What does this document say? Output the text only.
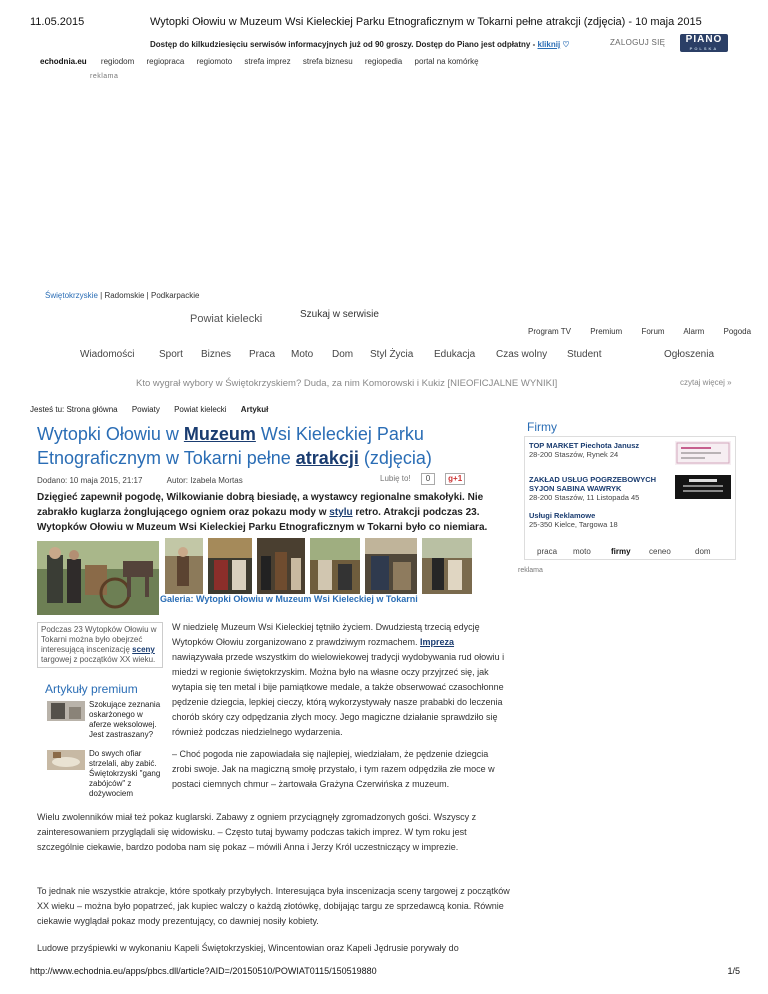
11.05.2015	Wytopki Ołowiu w Muzeum Wsi Kieleckiej Parku Etnograficznym w Tokarni pełne atrakcji (zdjęcia) - 10 maja 2015
Dostęp do kilkudziesięciu serwisów informacyjnych już od 90 groszy. Dostęp do Piano jest odpłatny - kliknij ♡	ZALOGUJ SIĘ	PIANO
POLSKA
echodnia.eu regiodom regiopraca regiomoto strefa imprez strefa biznesu regiopedia portal na komórkę
reklama
Świętokrzyskie | Radomskie | Podkarpackie
Powiat kielecki	Szukaj w serwisie
Program TV Premium Forum Alarm Pogoda
Wiadomości Sport Biznes Praca Moto Dom Styl Życia Edukacja Czas wolny Student	Ogłoszenia
Kto wygrał wybory w Świętokrzyskiem? Duda, za nim Komorowski i Kukiz [NIEOFICJALNE WYNIKI]	czytaj więcej »
Jesteś tu: Strona główna Powiaty Powiat kielecki Artykuł
Wytopki Ołowiu w Muzeum Wsi Kieleckiej Parku Etnograficznym w Tokarni pełne atrakcji (zdjęcia)
Dodano: 10 maja 2015, 21:17	Autor: Izabela Mortas	Lubię to! 0 g+1
Dzięgieć zapewnił pogodę, Wilkowianie dobrą biesiadę, a wystawcy regionalne smakołyki. Nie zabrakło kuglarza żonglującego ogniem oraz pokazu mody w stylu retro. Atrakcji podczas 23. Wytopków Ołowiu w Muzeum Wsi Kieleckiej Parku Etnograficznym w Tokarni było co niemiara.
Galeria: Wytopki Ołowiu w Muzeum Wsi Kieleckiej w Tokarni
Podczas 23 Wytopków Ołowiu w Tokarni można było obejrzeć interesującą inscenizację sceny targowej z początków XX wieku.
Artykuły premium
Szokujące zeznania oskarżonego w aferze weksolowej. Jest zastraszany?
Do swych ofiar strzelali, aby zabić. Świętokrzyski "gang zabójców" z dożywociem
W niedzielę Muzeum Wsi Kieleckiej tętniło życiem. Dwudziestą trzecią edycję Wytopków Ołowiu zorganizowano z prawdziwym rozmachem. Impreza nawiązywała przede wszystkim do wielowiekowej tradycji wydobywania rud ołowiu i miedzi w regionie świętokrzyskim. Można było na własne oczy przyjrzeć się, jak wytapia się ten metal i bije pamiątkowe medale, a także obserwować czasochłonne pędzenie dziegcia, lepkiej cieczy, którą wykorzystywały nasze prababki do leczenia chorób skóry czy odpędzania złych mocy. Jego magiczne działanie sprawdziło się również podczas niedzielnego wydarzenia.
– Choć pogoda nie zapowiadała się najlepiej, wiedziałam, że pędzenie dziegcia zrobi swoje. Jak na magiczną smołę przystało, i tym razem odpędziła złe moce w postaci ciemnych chmur – żartowała Grażyna Czerwińska z muzeum.
Wielu zwolenników miał też pokaz kuglarski. Zabawy z ogniem przyciągnęły zgromadzonych gości. Wszyscy z zainteresowaniem przyglądali się widowisku. – Często tutaj bywamy podczas takich imprez. W tym roku jest szczególnie ciekawie, bardzo podoba nam się pokaz – mówili Anna i Jerzy Król uczestniczący w imprezie.
To jednak nie wszystkie atrakcje, które spotkały przybyłych. Interesująca była inscenizacja sceny targowej z początków XX wieku – można było popatrzeć, jak kupiec walczy o każdą złotówkę, dobijając targu ze sprzedawcą konia. Równie ciekawie wyglądał pokaz mody prezentujący, co dawniej nosiły kobiety.
Ludowe przyśpiewki w wykonaniu Kapeli Świętokrzyskiej, Wincentowian oraz Kapeli Jędrusie porywały do
Firmy
TOP MARKET Piechota Janusz
28-200 Staszów, Rynek 24
ZAKŁAD USŁUG POGRZEBOWYCH SYJON SABINA WAWRYK
28-200 Staszów, 11 Listopada 45
Usługi Reklamowe
25-350 Kielce, Targowa 18
praca moto	firmy ceneo	dom
reklama
http://www.echodnia.eu/apps/pbcs.dll/article?AID=/20150510/POWIAT0115/150519880	1/5
